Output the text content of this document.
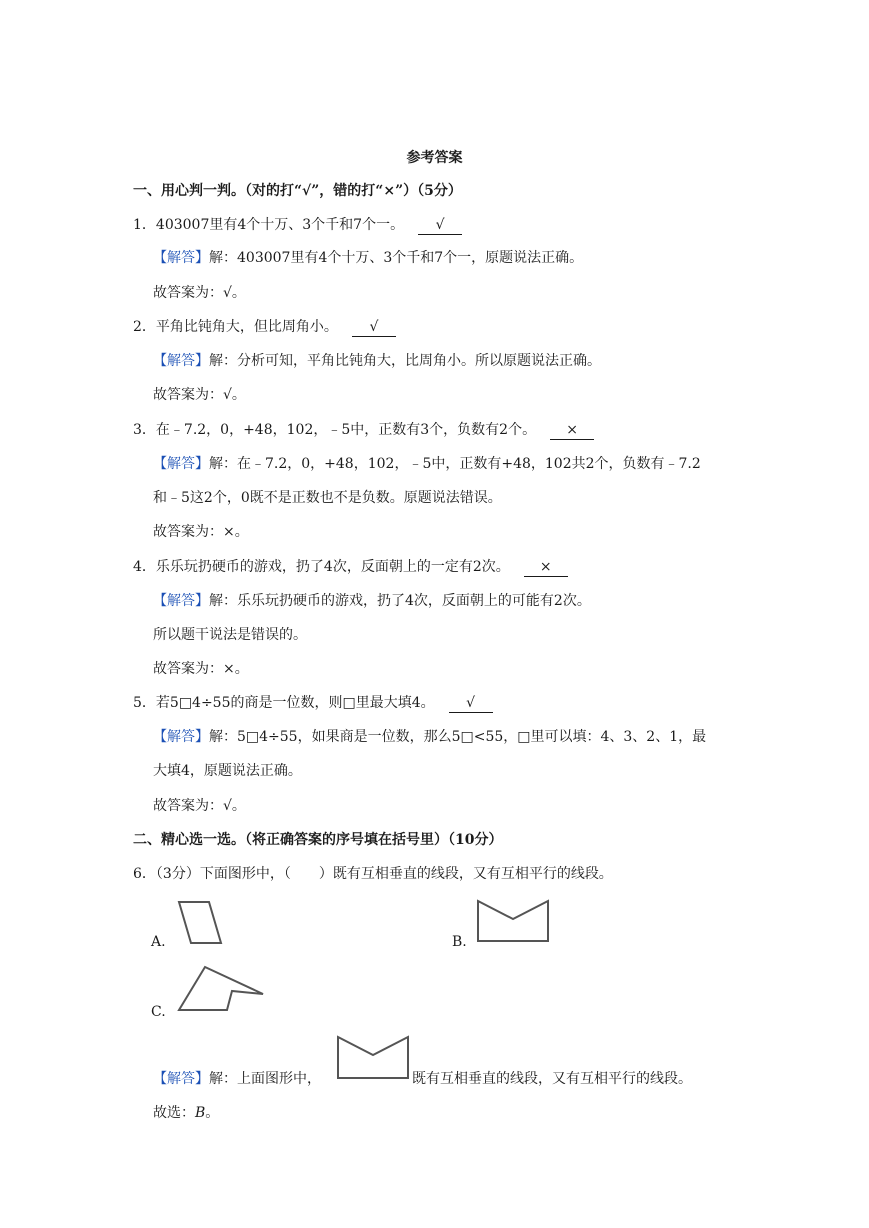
参考答案
一、用心判一判。（对的打“√”，错的打“×”）（5分）
1．403007里有4个十万、3个千和7个一。 √
【解答】解：403007里有4个十万、3个千和7个一，原题说法正确。
故答案为：√。
2．平角比钝角大，但比周角小。 √
【解答】解：分析可知，平角比钝角大，比周角小。所以原题说法正确。
故答案为：√。
3．在﹣7.2，0，+48，102，﹣5中，正数有3个，负数有2个。 ×
【解答】解：在﹣7.2，0，+48，102，﹣5中，正数有+48，102共2个，负数有﹣7.2
和﹣5这2个，0既不是正数也不是负数。原题说法错误。
故答案为：×。
4．乐乐玩扔硬币的游戏，扔了4次，反面朝上的一定有2次。 ×
【解答】解：乐乐玩扔硬币的游戏，扔了4次，反面朝上的可能有2次。
所以题干说法是错误的。
故答案为：×。
5．若5□4÷55的商是一位数，则□里最大填4。 √
【解答】解：5□4÷55，如果商是一位数，那么5□<55，□里可以填：4、3、2、1，最
大填4，原题说法正确。
故答案为：√。
二、精心选一选。（将正确答案的序号填在括号里）（10分）
6．（3分）下面图形中，（　　）既有互相垂直的线段，又有互相平行的线段。
A.	B.
C.
【解答】解：上面图形中，	既有互相垂直的线段，又有互相平行的线段。
故选：B。
